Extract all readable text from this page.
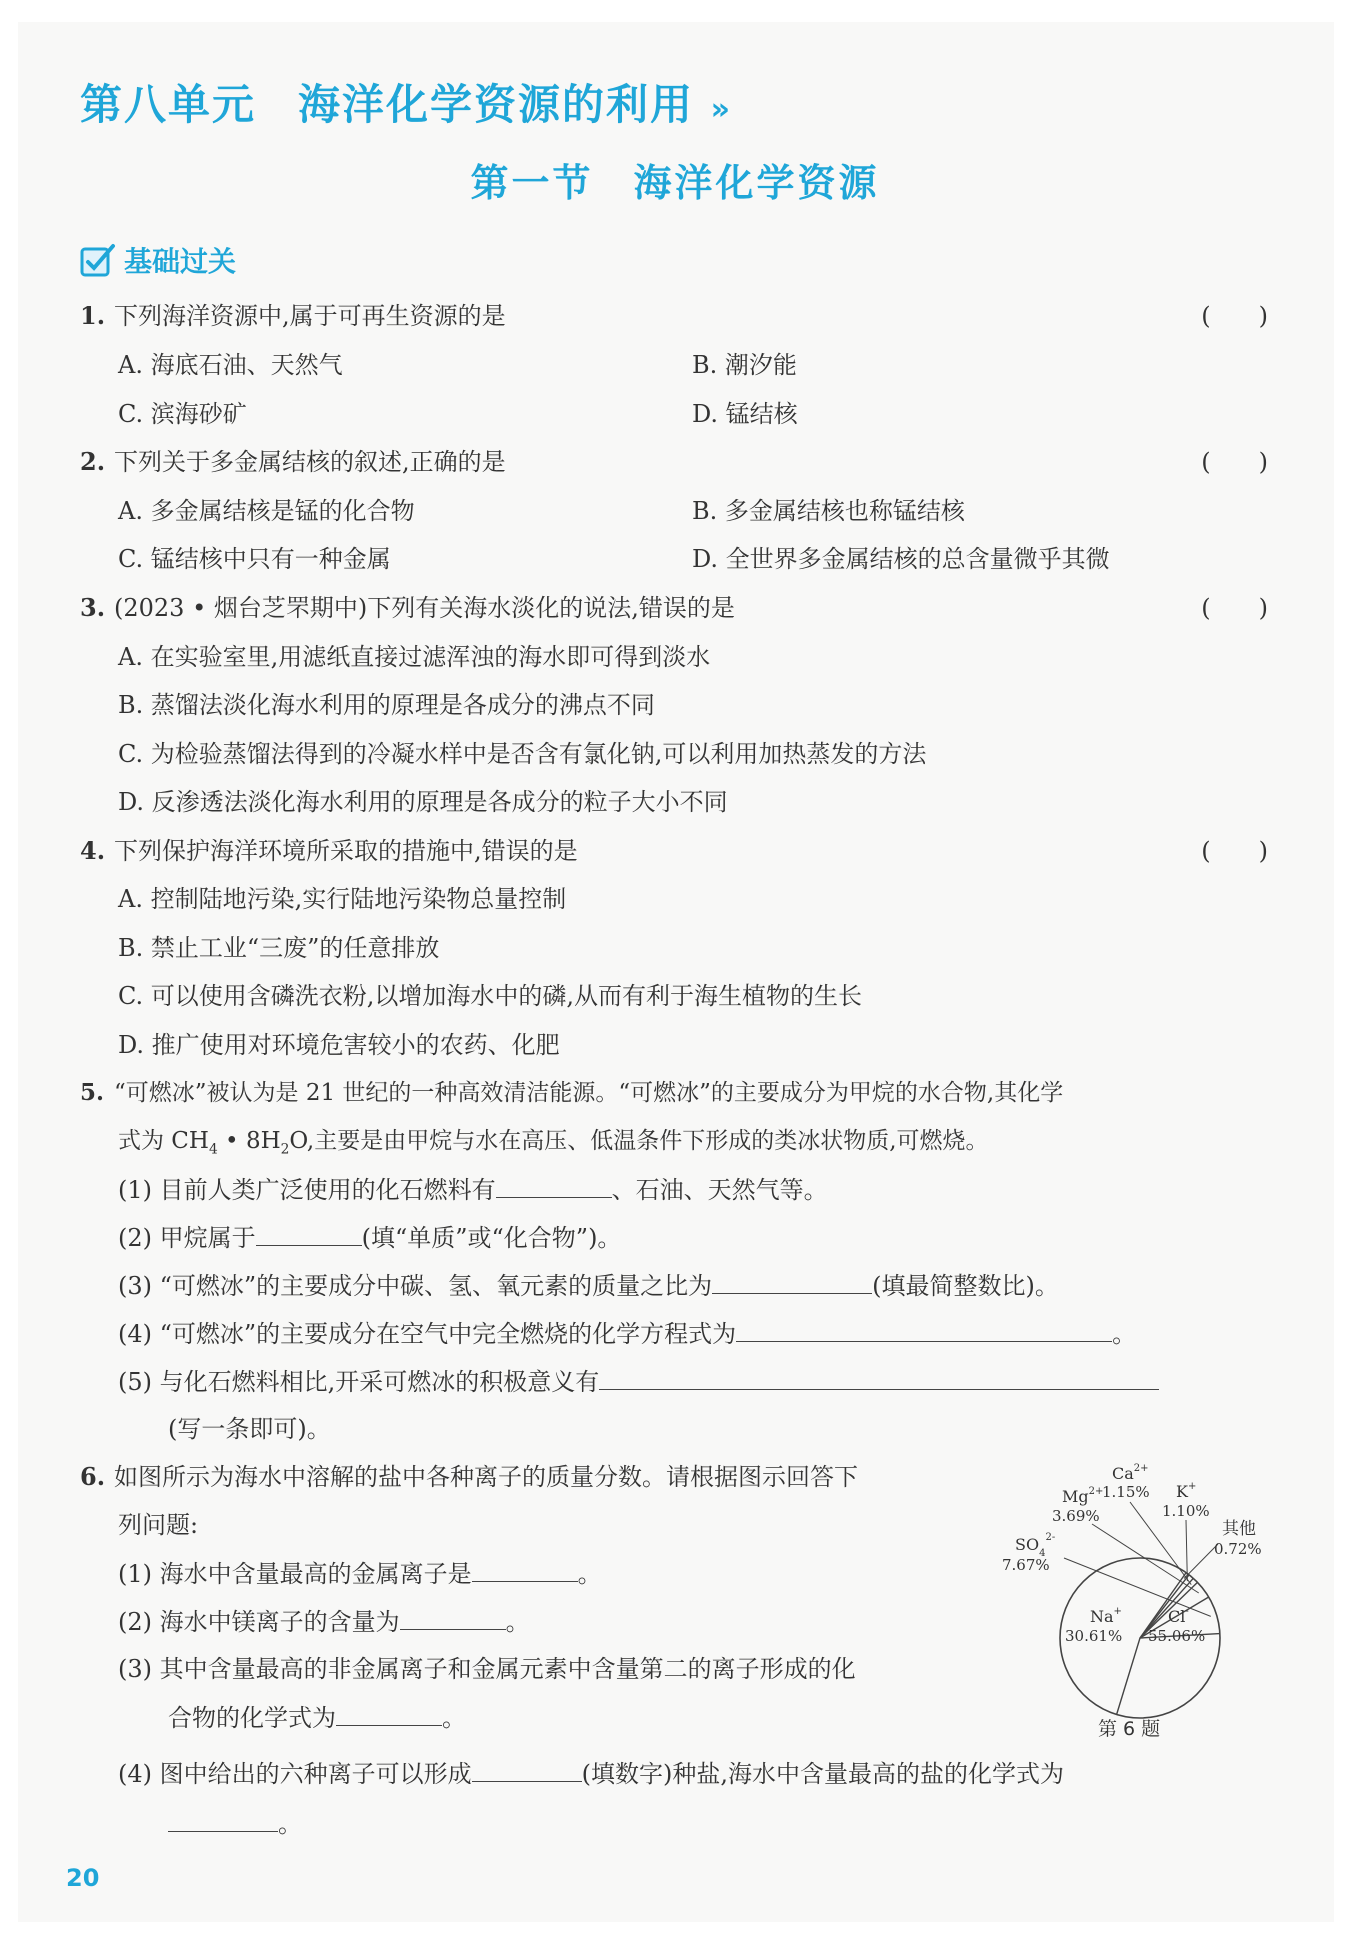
第八单元 海洋化学资源的利用 »
第一节 海洋化学资源
基础过关
1. 下列海洋资源中,属于可再生资源的是	(　　)
A. 海底石油、天然气	B. 潮汐能
C. 滨海砂矿	D. 锰结核
2. 下列关于多金属结核的叙述,正确的是	(　　)
A. 多金属结核是锰的化合物	B. 多金属结核也称锰结核
C. 锰结核中只有一种金属	D. 全世界多金属结核的总含量微乎其微
3. (2023 • 烟台芝罘期中)下列有关海水淡化的说法,错误的是	(　　)
A. 在实验室里,用滤纸直接过滤浑浊的海水即可得到淡水
B. 蒸馏法淡化海水利用的原理是各成分的沸点不同
C. 为检验蒸馏法得到的冷凝水样中是否含有氯化钠,可以利用加热蒸发的方法
D. 反渗透法淡化海水利用的原理是各成分的粒子大小不同
4. 下列保护海洋环境所采取的措施中,错误的是	(　　)
A. 控制陆地污染,实行陆地污染物总量控制
B. 禁止工业“三废”的任意排放
C. 可以使用含磷洗衣粉,以增加海水中的磷,从而有利于海生植物的生长
D. 推广使用对环境危害较小的农药、化肥
5. “可燃冰”被认为是 21 世纪的一种高效清洁能源。“可燃冰”的主要成分为甲烷的水合物,其化学
式为 $CH_4$ • $8H_2O$,主要是由甲烷与水在高压、低温条件下形成的类冰状物质,可燃烧。
(1) 目前人类广泛使用的化石燃料有	、石油、天然气等。
(2) 甲烷属于	(填“单质”或“化合物”)。
(3) “可燃冰”的主要成分中碳、氢、氧元素的质量之比为	(填最简整数比)。
(4) “可燃冰”的主要成分在空气中完全燃烧的化学方程式为	。
(5) 与化石燃料相比,开采可燃冰的积极意义有
(写一条即可)。
6. 如图所示为海水中溶解的盐中各种离子的质量分数。请根据图示回答下
列问题:
(1) 海水中含量最高的金属离子是	。
(2) 海水中镁离子的含量为	。
(3) 其中含量最高的非金属离子和金属元素中含量第二的离子形成的化
合物的化学式为	。
(4) 图中给出的六种离子可以形成	(填数字)种盐,海水中含量最高的盐的化学式为
。
$Ca^{2+}$
1.15% K+
1.10%
$Mg^{2+}$
3.69%
其他
0.72%
$SO_4^{2-}$
7.67%
Na+
30.61%
Cl-
55.06%
第 6 题
20
